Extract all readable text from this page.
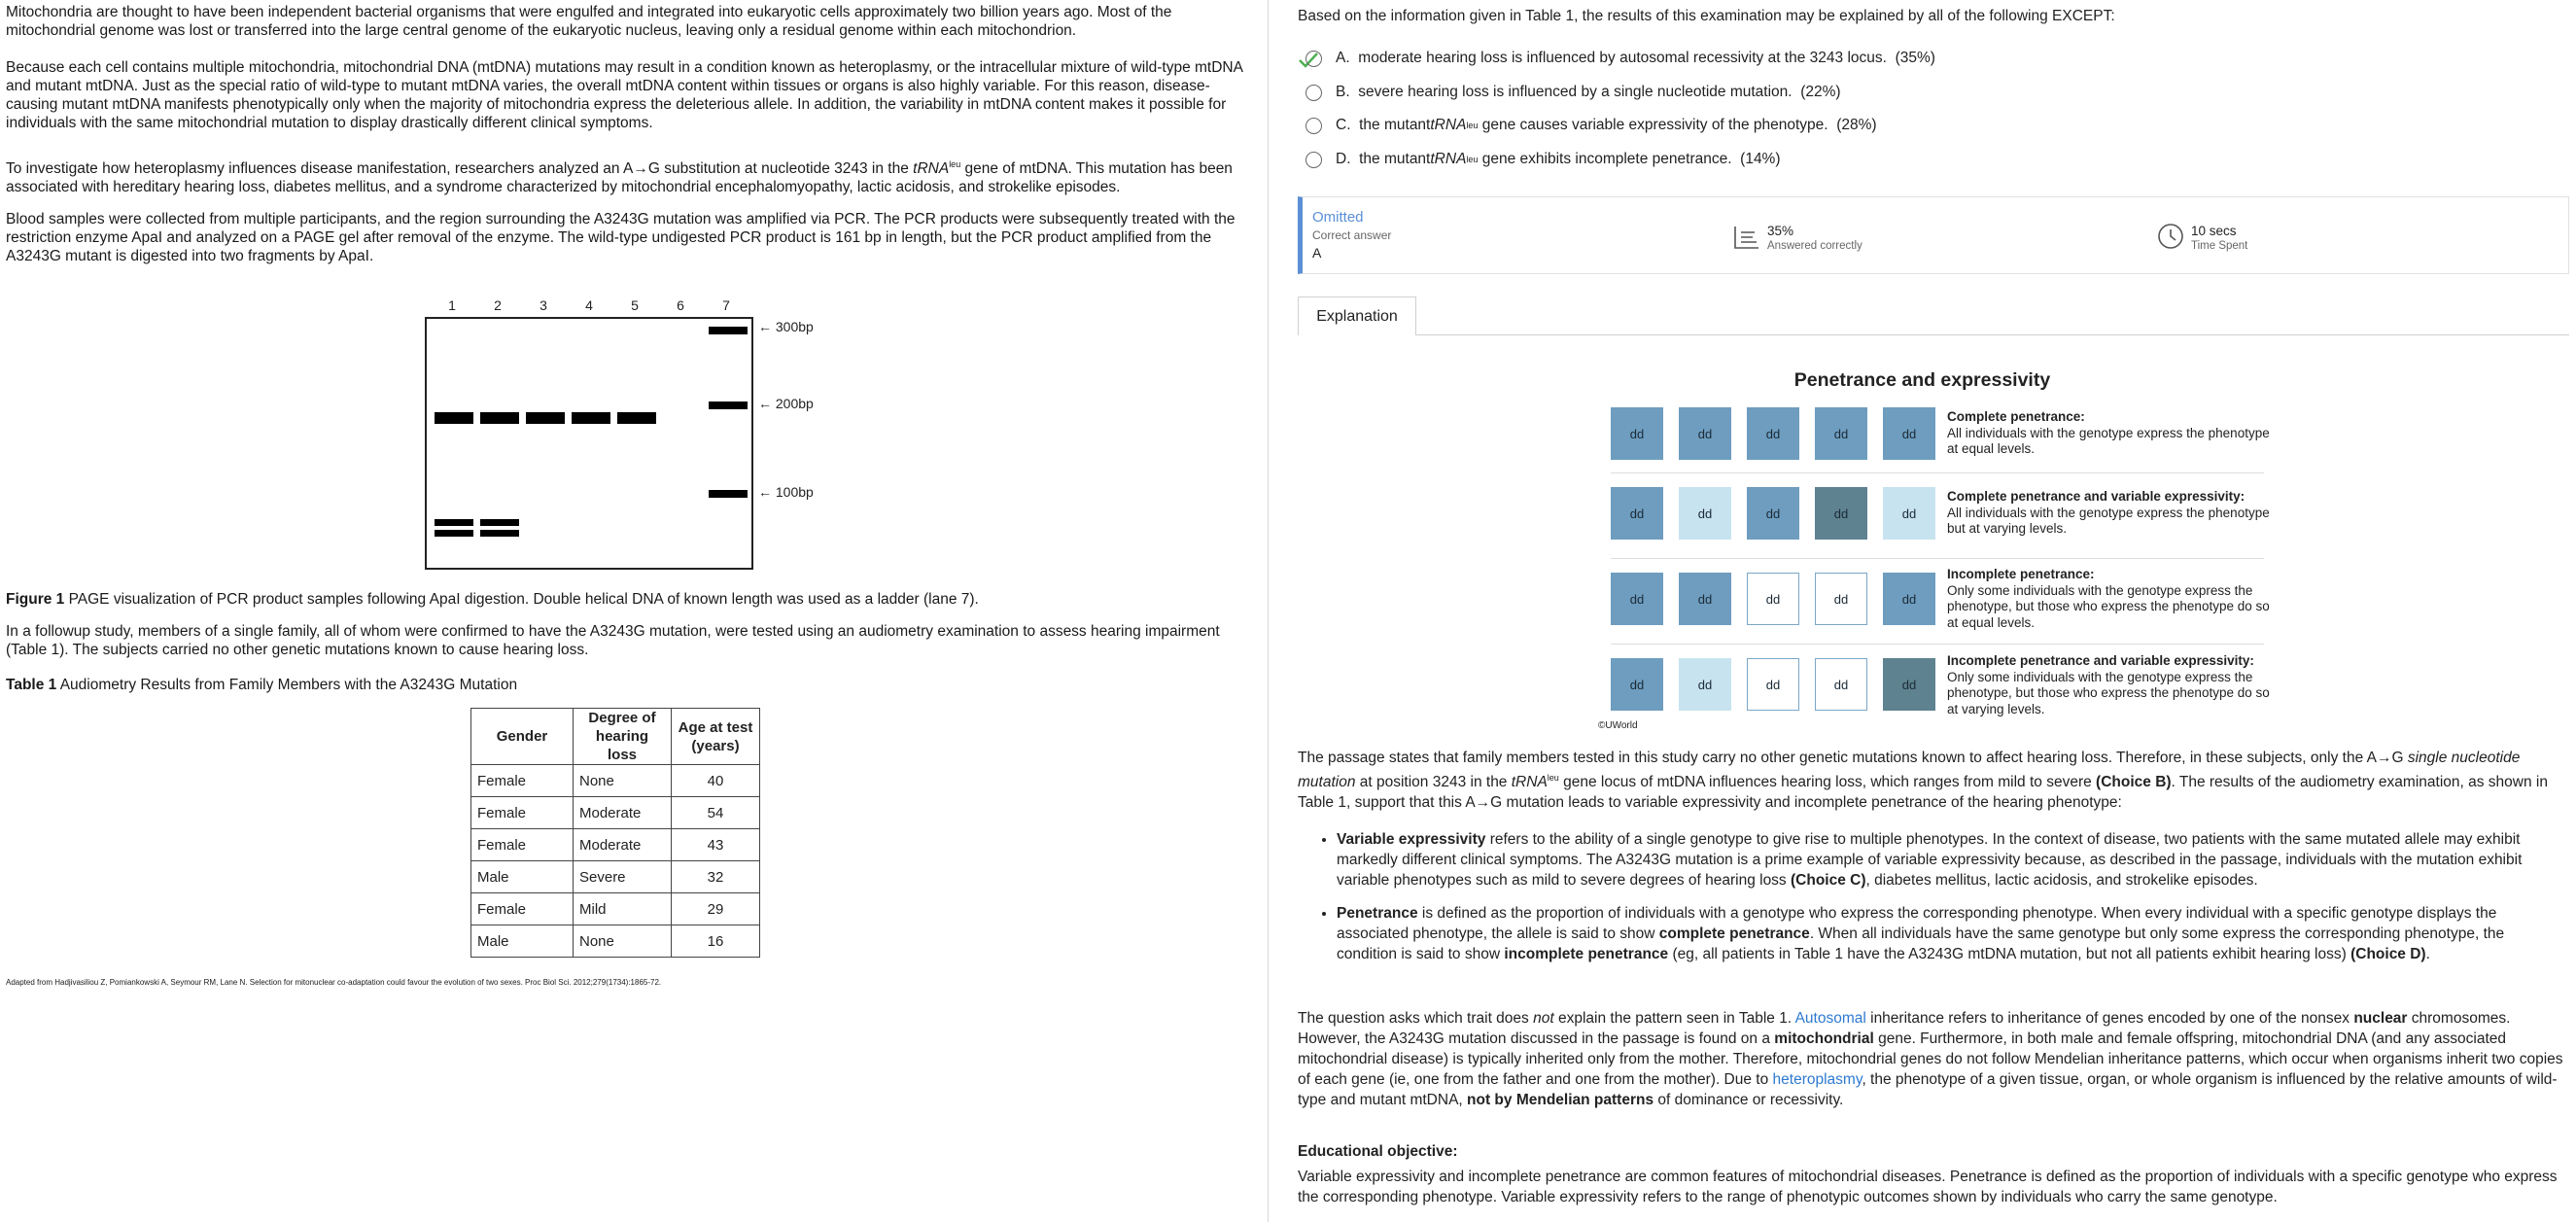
Mitochondria are thought to have been independent bacterial organisms that were engulfed and integrated into eukaryotic cells approximately two billion years ago. Most of the mitochondrial genome was lost or transferred into the large central genome of the eukaryotic nucleus, leaving only a residual genome within each mitochondrion.

Because each cell contains multiple mitochondria, mitochondrial DNA (mtDNA) mutations may result in a condition known as heteroplasmy, or the intracellular mixture of wild-type mtDNA and mutant mtDNA. Just as the special ratio of wild-type to mutant mtDNA varies, the overall mtDNA content within tissues or organs is also highly variable. For this reason, disease-causing mutant mtDNA manifests phenotypically only when the majority of mitochondria express the deleterious allele. In addition, the variability in mtDNA content makes it possible for individuals with the same mitochondrial mutation to display drastically different clinical symptoms.

To investigate how heteroplasmy influences disease manifestation, researchers analyzed an A→G substitution at nucleotide 3243 in the tRNA$^{leu}$ gene of mtDNA. This mutation has been associated with hereditary hearing loss, diabetes mellitus, and a syndrome characterized by mitochondrial encephalomyopathy, lactic acidosis, and strokelike episodes.

Blood samples were collected from multiple participants, and the region surrounding the A3243G mutation was amplified via PCR. The PCR products were subsequently treated with the restriction enzyme ApaI and analyzed on a PAGE gel after removal of the enzyme. The wild-type undigested PCR product is 161 bp in length, but the PCR product amplified from the A3243G mutant is digested into two fragments by ApaI.

1	2	3	4	5	6	7
← 300bp
← 200bp
← 100bp

Figure 1 PAGE visualization of PCR product samples following ApaI digestion. Double helical DNA of known length was used as a ladder (lane 7).

In a followup study, members of a single family, all of whom were confirmed to have the A3243G mutation, were tested using an audiometry examination to assess hearing impairment (Table 1). The subjects carried no other genetic mutations known to cause hearing loss.

Table 1 Audiometry Results from Family Members with the A3243G Mutation

Gender	Degree of hearing loss	Age at test (years)
Female	None	40
Female	Moderate	54
Female	Moderate	43
Male	Severe	32
Female	Mild	29
Male	None	16

Adapted from Hadjivasiliou Z, Pomiankowski A, Seymour RM, Lane N. Selection for mitonuclear co-adaptation could favour the evolution of two sexes. Proc Biol Sci. 2012;279(1734):1865-72.

Based on the information given in Table 1, the results of this examination may be explained by all of the following EXCEPT:

A.
moderate hearing loss is influenced by autosomal recessivity at the 3243 locus.
(35%)
B.
severe hearing loss is influenced by a single nucleotide mutation.
(22%)
C.
the mutant tRNA leu
gene causes variable expressivity of the phenotype.
(28%)
D.
the mutant tRNA leu
gene exhibits incomplete penetrance.
(14%)
Omitted
Correct answer
A
35%
Answered correctly
10 secs
Time Spent
Explanation
Penetrance and expressivity
dd	dd	dd	dd	dd
Complete penetrance:
All individuals with the genotype express the phenotype at equal levels.
dd	dd	dd	dd	dd
Complete penetrance and variable expressivity:
All individuals with the genotype express the phenotype but at varying levels.
dd	dd	dd	dd	dd
Incomplete penetrance:
Only some individuals with the genotype express the phenotype, but those who express the phenotype do so at equal levels.
dd	dd	dd	dd	dd
Incomplete penetrance and variable expressivity:
Only some individuals with the genotype express the phenotype, but those who express the phenotype do so at varying levels.
©UWorld

The passage states that family members tested in this study carry no other genetic mutations known to affect hearing loss. Therefore, in these subjects, only the A→G single nucleotide mutation at position 3243 in the tRNA$^{leu}$ gene locus of mtDNA influences hearing loss, which ranges from mild to severe (Choice B). The results of the audiometry examination, as shown in Table 1, support that this A→G mutation leads to variable expressivity and incomplete penetrance of the hearing phenotype:

• Variable expressivity refers to the ability of a single genotype to give rise to multiple phenotypes. In the context of disease, two patients with the same mutated allele may exhibit markedly different clinical symptoms. The A3243G mutation is a prime example of variable expressivity because, as described in the passage, individuals with the mutation exhibit variable phenotypes such as mild to severe degrees of hearing loss (Choice C), diabetes mellitus, lactic acidosis, and strokelike episodes.
• Penetrance is defined as the proportion of individuals with a genotype who express the corresponding phenotype. When every individual with a specific genotype displays the associated phenotype, the allele is said to show complete penetrance. When all individuals have the same genotype but only some express the corresponding phenotype, the condition is said to show incomplete penetrance (eg, all patients in Table 1 have the A3243G mtDNA mutation, but not all patients exhibit hearing loss) (Choice D).

The question asks which trait does not explain the pattern seen in Table 1. Autosomal inheritance refers to inheritance of genes encoded by one of the nonsex nuclear chromosomes. However, the A3243G mutation discussed in the passage is found on a mitochondrial gene. Furthermore, in both male and female offspring, mitochondrial DNA (and any associated mitochondrial disease) is typically inherited only from the mother. Therefore, mitochondrial genes do not follow Mendelian inheritance patterns, which occur when organisms inherit two copies of each gene (ie, one from the father and one from the mother). Due to heteroplasmy, the phenotype of a given tissue, organ, or whole organism is influenced by the relative amounts of wild-type and mutant mtDNA, not by Mendelian patterns of dominance or recessivity.

Educational objective:

Variable expressivity and incomplete penetrance are common features of mitochondrial diseases. Penetrance is defined as the proportion of individuals with a specific genotype who express the corresponding phenotype. Variable expressivity refers to the range of phenotypic outcomes shown by individuals who carry the same genotype.
